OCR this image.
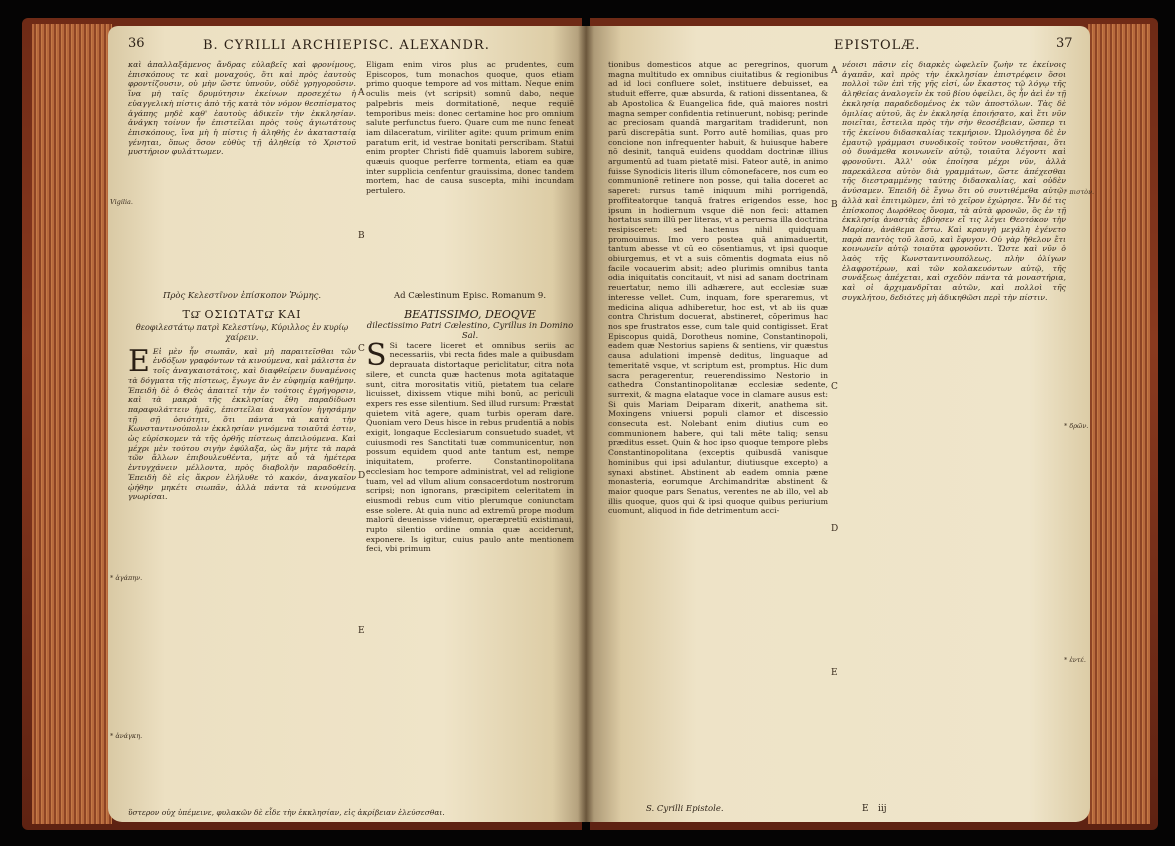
36	B. CYRILLI ARCHIEPISC. ALEXANDR.
καὶ ἀπαλλαξάμενος ἄνδρας εὐλαβεῖς καὶ φρονίμους, ἐπισκόπους τε καὶ μοναχούς, ὅτι καὶ πρὸς ἑαυτοὺς φροντίζουσιν, οὐ μὴν ὥστε ὑπνοῦν, οὐδὲ γρηγοροῦσιν. ἵνα μὴ ταῖς δρυμύτησιν ἐκείνων προσεχέτω ἡ εὐαγγελικὴ πίστις ἀπὸ τῆς κατὰ τὸν νόμον θεσπίσματος ἀγάπης μηδὲ καθ' ἑαυτοὺς ἀδικεῖν τὴν ἐκκλησίαν. ἀνάγκη τοίνυν ἦν ἐπιστεῖλαι πρὸς τοὺς ἁγιωτάτους ἐπισκόπους, ἵνα μὴ ἡ πίστις ἡ ἀληθὴς ἐν ἀκατασταίᾳ γένηται, ὅπως ὅσον εὐθὺς τῇ ἀληθείᾳ τὸ Χριστοῦ μυστήριον φυλάττωμεν.
Πρὸς Κελεστῖνον ἐπίσκοπον Ῥώμης.
ΤΩ͂ ΟΣΙΩΤΑΤΩ͂ ΚΑΙ
θεοφιλεστάτῳ πατρὶ Κελεστίνῳ, Κύριλλος ἐν κυρίῳ χαίρειν.
Ε Εἰ μὲν ἦν σιωπᾶν, καὶ μὴ παραιτεῖσθαι τῶν ἐνδόξων γραφόντων τὰ κινούμενα, καὶ μάλιστα ἐν τοῖς ἀναγκαιοτάτοις, καὶ διαφθείρειν δυναμένοις τὰ δόγματα τῆς πίστεως, ἔγωγε ἂν ἐν εὐφημίᾳ καθήμην. Ἐπειδὴ δὲ ὁ Θεὸς ἀπαιτεῖ τὴν ἐν τούτοις ἐγρήγορσιν, καὶ τὰ μακρὰ τῆς ἐκκλησίας ἔθη παραδίδωσι παραφυλάττειν ἡμᾶς, ἐπιστεῖλαι ἀναγκαῖον ἡγησάμην τῇ σῇ ὁσιότητι, ὅτι πάντα τὰ κατὰ τὴν Κωνσταντινούπολιν ἐκκλησίαν γινόμενα τοιαῦτά ἐστιν, ὡς εὑρίσκομεν τὰ τῆς ὀρθῆς πίστεως ἀπειλούμενα. Καὶ μέχρι μὲν τούτου σιγὴν ἐφύλαξα, ὡς ἂν μήτε τὰ παρὰ τῶν ἄλλων ἐπιβουλευθέντα, μήτε αὖ τὰ ἡμέτερα ἐντυγχάνειν μέλλοντα, πρὸς διαβολὴν παραδοθείη. Ἐπειδὴ δὲ εἰς ἄκρον ἐλήλυθε τὸ κακόν, ἀναγκαῖον ᾠήθην μηκέτι σιωπᾶν, ἀλλὰ πάντα τὰ κινούμενα γνωρίσαι.
Eligam enim viros plus ac prudentes, cum Episcopos, tum monachos quoque, quos etiam primo quoque tempore ad vos mittam. Neque enim oculis meis (vt scripsit) somnū dabo, neque palpebris meis dormitationē, neque requiē temporibus meis: donec certamine hoc pro omnium salute perfunctus fuero. Quare cum me nunc feneat iam dilaceratum, viriliter agite: quum primum enim paratum erit, id vestrae bonitati perscribam. Statui enim propter Christi fidē quamuis laborem subire, quæuis quoque perferre tormenta, etiam ea quæ inter supplicia cenfentur grauissima, donec tandem mortem, hac de causa suscepta, mihi incundam pertulero.
Ad Cælestinum Episc. Romanum 9.
BEATISSIMO, DEOQVE
dilectissimo Patri Cælestino, Cyrillus in Domino Sal.
S Si tacere liceret et omnibus seriis ac necessariis, vbi recta fides male a quibusdam deprauata distortaque periclitatur, citra nota silere, et cuncta quæ hactenus mota agitataque sunt, citra morositatis vitiū, pietatem tua celare licuisset, dixissem vtique mihi bonū, ac periculi expers res esse silentium. Sed illud rursum: Præstat quietem vitā agere, quam turbis operam dare. Quoniam vero Deus hisce in rebus prudentiā a nobis exigit, longaque Ecclesiarum consuetudo suadet, vt cuiusmodi res Sanctitati tuæ communicentur, non possum equidem quod ante tantum est, nempe iniquitatem, proferre. Constantinopolitana ecclesiam hoc tempore administrat, vel ad religione tuam, vel ad vllum alium consacerdotum nostrorum scripsi; non ignorans, præcipitem celeritatem in eiusmodi rebus cum vitio plerumque coniunctam esse solere. At quia nunc ad extremū prope modum malorū deuenisse videmur, operæpretiū existimaui, rupto silentio ordine omnia quæ acciderunt, exponere. Is igitur, cuius paulo ante mentionem feci, vbi primum
A
B
C
D
E
Vigilia.
* ἀγάπην.
* ἀνάγκη.
ὕστερον οὐχ ὑπέμεινε, φυλακῶν δὲ εἶδε τὴν ἐκκλησίαν, εἰς ἀκρίβειαν ἐλεύσεσθαι.
EPISTOLÆ.	37
tionibus domesticos atque ac peregrinos, quorum magna multitudo ex omnibus ciuitatibus & regionibus ad id loci confluere solet, instituere debuisset, ea studuit efferre, quæ absurda, & rationi dissentanea, & ab Apostolica & Euangelica fide, quā maiores nostri magna semper confidentia retinuerunt, nobisq; perinde ac preciosam quandā margaritam tradiderunt, non parū discrepātia sunt. Porro autē homilias, quas pro concione non infrequenter habuit, & huiusque habere nō desinit, tanquā euidens quoddam doctrinæ illius argumentū ad tuam pietatē misi. Fateor autē, in animo fuisse Synodicis literis illum cōmonefacere, nos cum eo communionē retinere non posse, qui talia doceret ac saperet: rursus tamē iniquum mihi porrigendā, proffiteatorque tanquā fratres erigendos esse, hoc ipsum in hodiernum vsque diē non feci: attamen hortatus sum illū per literas, vt a peruersa illa doctrina resipisceret: sed hactenus nihil quidquam promouimus. Imo vero postea quā animaduertit, tantum abesse vt cū eo cōsentiamus, vt ipsi quoque obiurgemus, et vt a suis cōmentis dogmata eius nō facile vocauerim absit; adeo plurimis omnibus tanta odia iniquitatis concitauit, vt nisi ad sanam doctrinam reuertatur, nemo illi adhærere, aut ecclesiæ suæ interesse vellet. Cum, inquam, fore speraremus, vt medicina aliqua adhiberetur, hoc est, vt ab iis quæ contra Christum docuerat, abstineret, cōperimus hac nos spe frustratos esse, cum tale quid contigisset. Erat Episcopus quidā, Dorotheus nomine, Constantinopoli, eadem quæ Nestorius sapiens & sentiens, vir quæstus causa adulationi impensè deditus, linguaque ad temeritatē vsque, vt scriptum est, promptus. Hic dum sacra peragerentur, reuerendissimo Nestorio in cathedra Constantinopolitanæ ecclesiæ sedente, surrexit, & magna elataque voce in clamare ausus est: Si quis Mariam Deiparam dixerit, anathema sit. Moxingens vniuersi populi clamor et discessio consecuta est. Nolebant enim diutius cum eo communionem habere, qui tali mēte taliq; sensu præditus esset. Quin & hoc ipso quoque tempore plebs Constantinopolitana (exceptis quibusdā vanisque hominibus qui ipsi adulantur, diutiusque excepto) a synaxi abstinet. Abstinent ab eadem omnia pæne monasteria, eorumque Archimandritæ abstinent & maior quoque pars Senatus, verentes ne ab illo, vel ab illis quoque, quos qui & ipsi quoque quibus periurium cuomunt, aliquod in fide detrimentum acci-
νέοισι πᾶσιν εἰς διαρκὲς ὠφελεῖν ζωὴν τε ἐκείνοις ἀγαπᾶν, καὶ πρὸς τὴν ἐκκλησίαν ἐπιστρέφειν ὅσοι πολλοὶ τῶν ἐπὶ τῆς γῆς εἰσί, ὧν ἕκαστος τῷ λόγῳ τῆς ἀληθείας ἀναλογεῖν ἐκ τοῦ βίου ὀφείλει, ὃς ἦν ἀεὶ ἐν τῇ ἐκκλησίᾳ παραδεδομένος ἐκ τῶν ἀποστόλων. Τὰς δὲ ὁμιλίας αὐτοῦ, ἃς ἐν ἐκκλησίᾳ ἐποιήσατο, καὶ ἔτι νῦν ποιεῖται, ἔστειλα πρὸς τὴν σὴν θεοσέβειαν, ὥσπερ τι τῆς ἐκείνου διδασκαλίας τεκμήριον. Ὡμολόγησα δὲ ἐν ἐμαυτῷ γράμμασι συνοδικοῖς τοῦτον νουθετῆσαι, ὅτι οὐ δυνάμεθα κοινωνεῖν αὐτῷ, τοιαῦτα λέγοντι καὶ φρονοῦντι. Ἀλλ' οὐκ ἐποίησα μέχρι νῦν, ἀλλὰ παρεκάλεσα αὐτὸν διὰ γραμμάτων, ὥστε ἀπέχεσθαι τῆς διεστραμμένης ταύτης διδασκαλίας, καὶ οὐδὲν ἀνύσαμεν. Ἐπειδὴ δὲ ἔγνω ὅτι οὐ συντιθέμεθα αὐτῷ, ἀλλὰ καὶ ἐπιτιμῶμεν, ἐπὶ τὸ χεῖρον ἐχώρησε. Ἦν δέ τις ἐπίσκοπος Δωρόθεος ὄνομα, τὰ αὐτὰ φρονῶν, ὃς ἐν τῇ ἐκκλησίᾳ ἀναστὰς ἐβόησεν εἴ τις λέγει Θεοτόκον τὴν Μαρίαν, ἀνάθεμα ἔστω. Καὶ κραυγὴ μεγάλη ἐγένετο παρὰ παντὸς τοῦ λαοῦ, καὶ ἔφυγον. Οὐ γὰρ ἤθελον ἔτι κοινωνεῖν αὐτῷ τοιαῦτα φρονοῦντι. Ὥστε καὶ νῦν ὁ λαὸς τῆς Κωνσταντινουπόλεως, πλὴν ὀλίγων ἐλαφροτέρων, καὶ τῶν κολακευόντων αὐτῷ, τῆς συνάξεως ἀπέχεται, καὶ σχεδὸν πάντα τὰ μοναστήρια, καὶ οἱ ἀρχιμανδρῖται αὐτῶν, καὶ πολλοὶ τῆς συγκλήτου, δεδιότες μὴ ἀδικηθῶσι περὶ τὴν πίστιν.
A
B
C
D
E
* πιστὸν.
* δρῶν.
* ἐντέ.
S. Cyrilli Epistole.	E iij
